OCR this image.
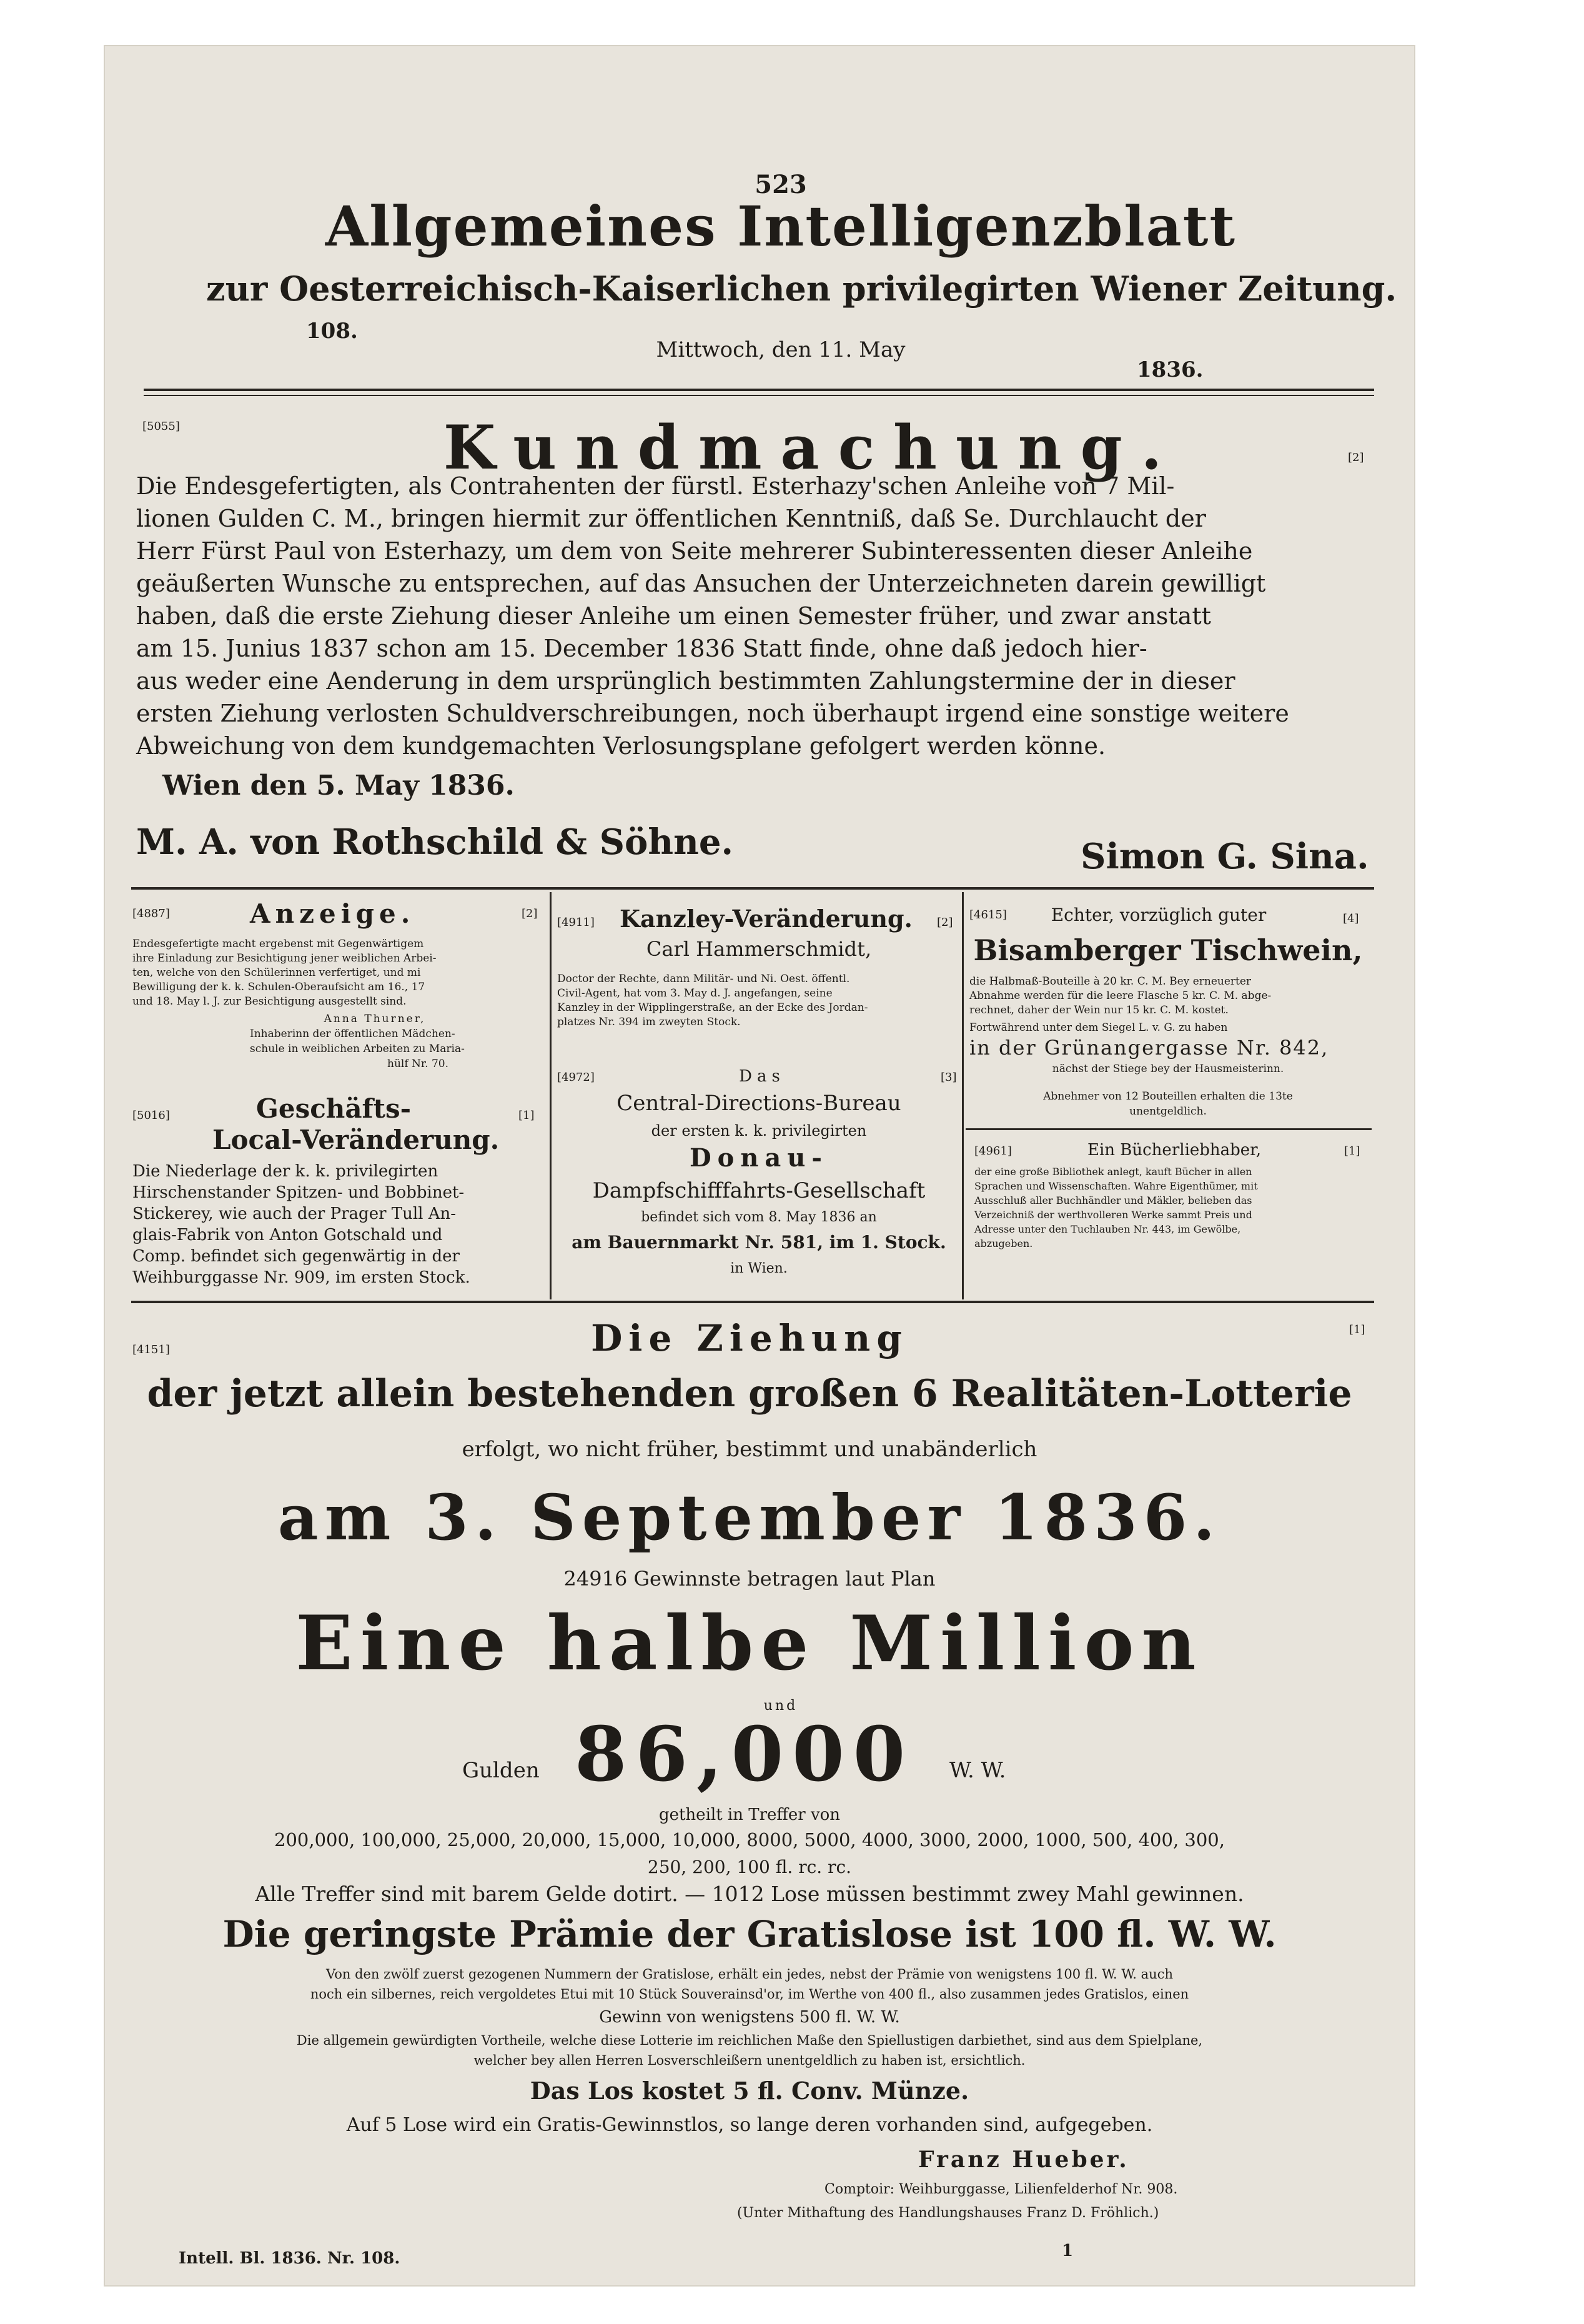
523
Allgemeines Intelligenzblatt
zur Oesterreichisch-Kaiserlichen privilegirten Wiener Zeitung.
108.
Mittwoch, den 11. May
1836.
[5055]	Kundmachung.	[2]
Die Endesgefertigten, als Contrahenten der fürstl. Esterhazy'schen Anleihe von 7 Mil-
lionen Gulden C. M., bringen hiermit zur öffentlichen Kenntniß, daß Se. Durchlaucht der
Herr Fürst Paul von Esterhazy, um dem von Seite mehrerer Subinteressenten dieser Anleihe
geäußerten Wunsche zu entsprechen, auf das Ansuchen der Unterzeichneten darein gewilligt
haben, daß die erste Ziehung dieser Anleihe um einen Semester früher, und zwar anstatt
am 15. Junius 1837 schon am 15. December 1836 Statt finde, ohne daß jedoch hier-
aus weder eine Aenderung in dem ursprünglich bestimmten Zahlungstermine der in dieser
ersten Ziehung verlosten Schuldverschreibungen, noch überhaupt irgend eine sonstige weitere
Abweichung von dem kundgemachten Verlosungsplane gefolgert werden könne.
Wien den 5. May 1836.
M. A. von Rothschild & Söhne.	Simon G. Sina.
[4887]	Anzeige.	[2]
Endesgefertigte macht ergebenst mit Gegenwärtigem
ihre Einladung zur Besichtigung jener weiblichen Arbei-
ten, welche von den Schülerinnen verfertiget, und mi
Bewilligung der k. k. Schulen-Oberaufsicht am 16., 17
und 18. May l. J. zur Besichtigung ausgestellt sind.
Anna Thurner,
Inhaberinn der öffentlichen Mädchen-
schule in weiblichen Arbeiten zu Maria-
hülf Nr. 70.
[5016]	Geschäfts-	[1]
Local-Veränderung.
Die Niederlage der k. k. privilegirten
Hirschenstander Spitzen- und Bobbinet-
Stickerey, wie auch der Prager Tull An-
glais-Fabrik von Anton Gotschald und
Comp. befindet sich gegenwärtig in der
Weihburggasse Nr. 909, im ersten Stock.
[4911] Kanzley-Veränderung. [2]
Carl Hammerschmidt,
Doctor der Rechte, dann Militär- und Ni. Oest. öffentl.
Civil-Agent, hat vom 3. May d. J. angefangen, seine
Kanzley in der Wipplingerstraße, an der Ecke des Jordan-
platzes Nr. 394 im zweyten Stock.
[4972]	Das	[3]
Central-Directions-Bureau
der ersten k. k. privilegirten
Donau-
Dampfschifffahrts-Gesellschaft
befindet sich vom 8. May 1836 an
am Bauernmarkt Nr. 581, im 1. Stock.
in Wien.
[4615]	Echter, vorzüglich guter	[4]
Bisamberger Tischwein,
die Halbmaß-Bouteille à 20 kr. C. M. Bey erneuerter
Abnahme werden für die leere Flasche 5 kr. C. M. abge-
rechnet, daher der Wein nur 15 kr. C. M. kostet.
Fortwährend unter dem Siegel L. v. G. zu haben
in der Grünangergasse Nr. 842,
nächst der Stiege bey der Hausmeisterinn.
Abnehmer von 12 Bouteillen erhalten die 13te
unentgeldlich.
[4961]	Ein Bücherliebhaber,	[1]
der eine große Bibliothek anlegt, kauft Bücher in allen
Sprachen und Wissenschaften. Wahre Eigenthümer, mit
Ausschluß aller Buchhändler und Mäkler, belieben das
Verzeichniß der werthvolleren Werke sammt Preis und
Adresse unter den Tuchlauben Nr. 443, im Gewölbe,
abzugeben.
[4151]
[1]
Die Ziehung
der jetzt allein bestehenden großen 6 Realitäten-Lotterie
erfolgt, wo nicht früher, bestimmt und unabänderlich
am 3. September 1836.
24916 Gewinnste betragen laut Plan
Eine halbe Million
und
Gulden 86,000 W. W.
getheilt in Treffer von
200,000, 100,000, 25,000, 20,000, 15,000, 10,000, 8000, 5000, 4000, 3000, 2000, 1000, 500, 400, 300,
250, 200, 100 fl. rc. rc.
Alle Treffer sind mit barem Gelde dotirt. — 1012 Lose müssen bestimmt zwey Mahl gewinnen.
Die geringste Prämie der Gratislose ist 100 fl. W. W.
Von den zwölf zuerst gezogenen Nummern der Gratislose, erhält ein jedes, nebst der Prämie von wenigstens 100 fl. W. W. auch
noch ein silbernes, reich vergoldetes Etui mit 10 Stück Souverainsd'or, im Werthe von 400 fl., also zusammen jedes Gratislos, einen
Gewinn von wenigstens 500 fl. W. W.
Die allgemein gewürdigten Vortheile, welche diese Lotterie im reichlichen Maße den Spiellustigen darbiethet, sind aus dem Spielplane,
welcher bey allen Herren Losverschleißern unentgeldlich zu haben ist, ersichtlich.
Das Los kostet 5 fl. Conv. Münze.
Auf 5 Lose wird ein Gratis-Gewinnstlos, so lange deren vorhanden sind, aufgegeben.
Franz Hueber.
Comptoir: Weihburggasse, Lilienfelderhof Nr. 908.
(Unter Mithaftung des Handlungshauses Franz D. Fröhlich.)
Intell. Bl. 1836. Nr. 108.	1
